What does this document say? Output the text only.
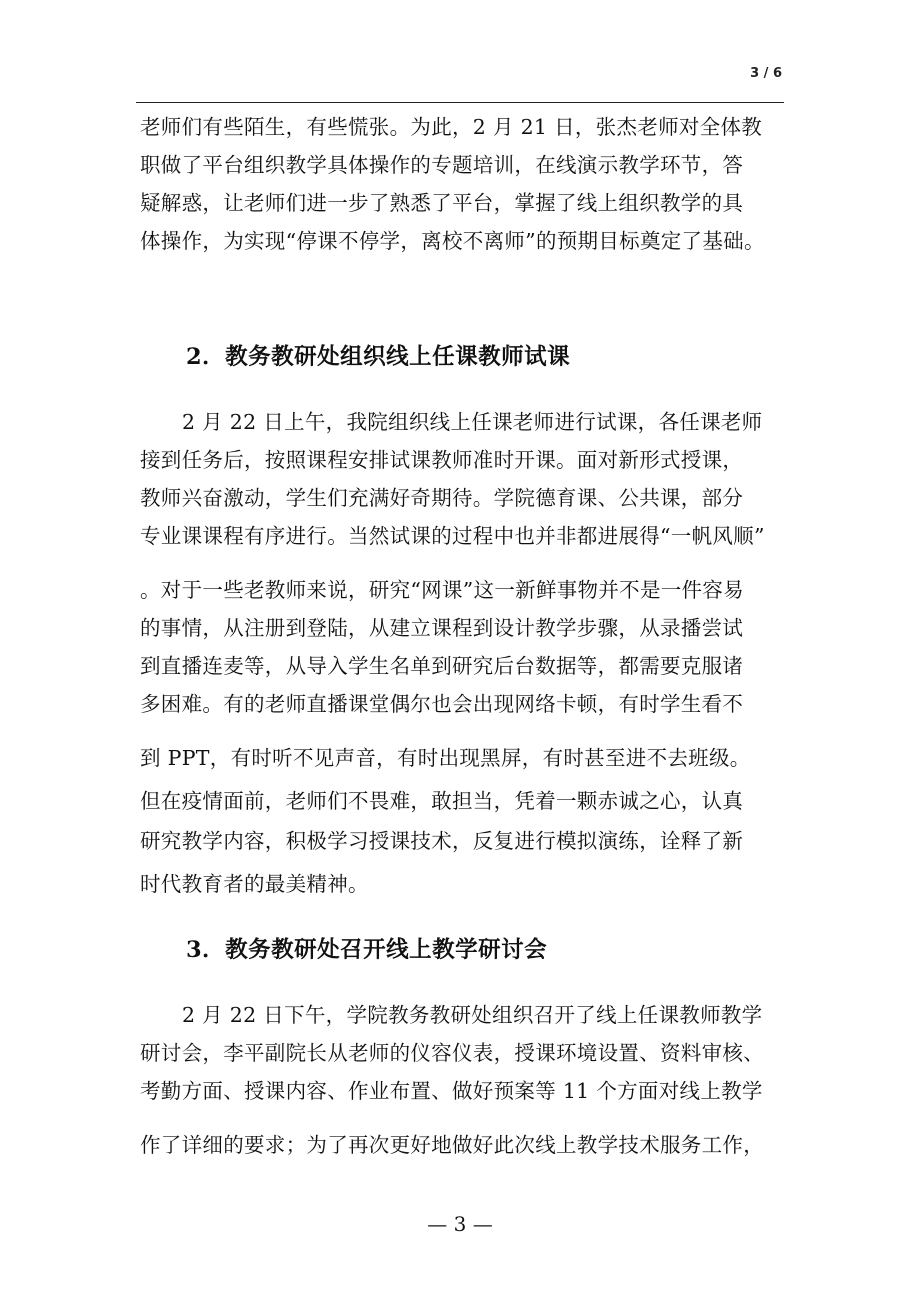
3 / 6
老师们有些陌生，有些慌张。为此，2 月 21 日，张杰老师对全体教
职做了平台组织教学具体操作的专题培训，在线演示教学环节，答
疑解惑，让老师们进一步了熟悉了平台，掌握了线上组织教学的具
体操作，为实现“停课不停学，离校不离师”的预期目标奠定了基础。
2．教务教研处组织线上任课教师试课
2 月 22 日上午，我院组织线上任课老师进行试课，各任课老师
接到任务后，按照课程安排试课教师准时开课。面对新形式授课，
教师兴奋激动，学生们充满好奇期待。学院德育课、公共课，部分
专业课课程有序进行。当然试课的过程中也并非都进展得“一帆风顺”
。对于一些老教师来说，研究“网课”这一新鲜事物并不是一件容易
的事情，从注册到登陆，从建立课程到设计教学步骤，从录播尝试
到直播连麦等，从导入学生名单到研究后台数据等，都需要克服诸
多困难。有的老师直播课堂偶尔也会出现网络卡顿，有时学生看不
到 PPT，有时听不见声音，有时出现黑屏，有时甚至进不去班级。
但在疫情面前，老师们不畏难，敢担当，凭着一颗赤诚之心，认真
研究教学内容，积极学习授课技术，反复进行模拟演练，诠释了新
时代教育者的最美精神。
3．教务教研处召开线上教学研讨会
2 月 22 日下午，学院教务教研处组织召开了线上任课教师教学
研讨会，李平副院长从老师的仪容仪表，授课环境设置、资料审核、
考勤方面、授课内容、作业布置、做好预案等 11 个方面对线上教学
作了详细的要求；为了再次更好地做好此次线上教学技术服务工作，
— 3 —
